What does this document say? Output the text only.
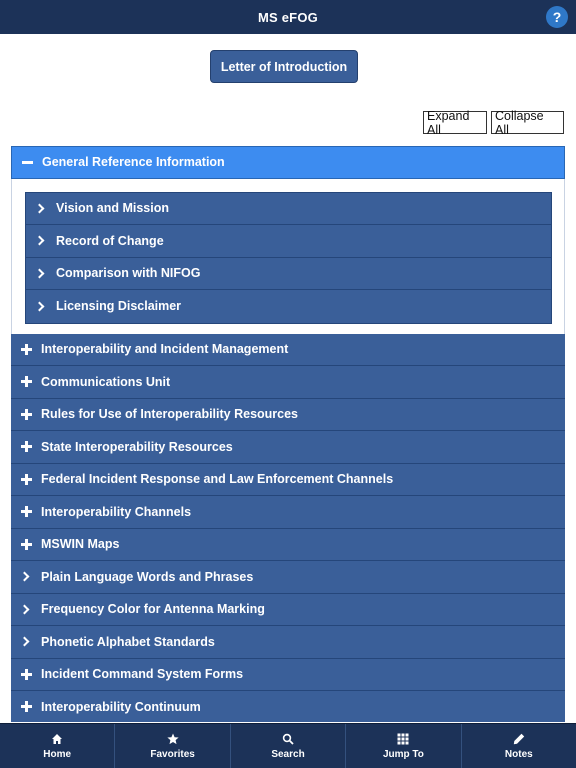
MS eFOG	?
Letter of Introduction
Expand All
Collapse All
General Reference Information
Vision and Mission
Record of Change
Comparison with NIFOG
Licensing Disclaimer
Interoperability and Incident Management
Communications Unit
Rules for Use of Interoperability Resources
State Interoperability Resources
Federal Incident Response and Law Enforcement Channels
Interoperability Channels
MSWIN Maps
Plain Language Words and Phrases
Frequency Color for Antenna Marking
Phonetic Alphabet Standards
Incident Command System Forms
Interoperability Continuum
Home	Favorites	Search	Jump To	Notes
